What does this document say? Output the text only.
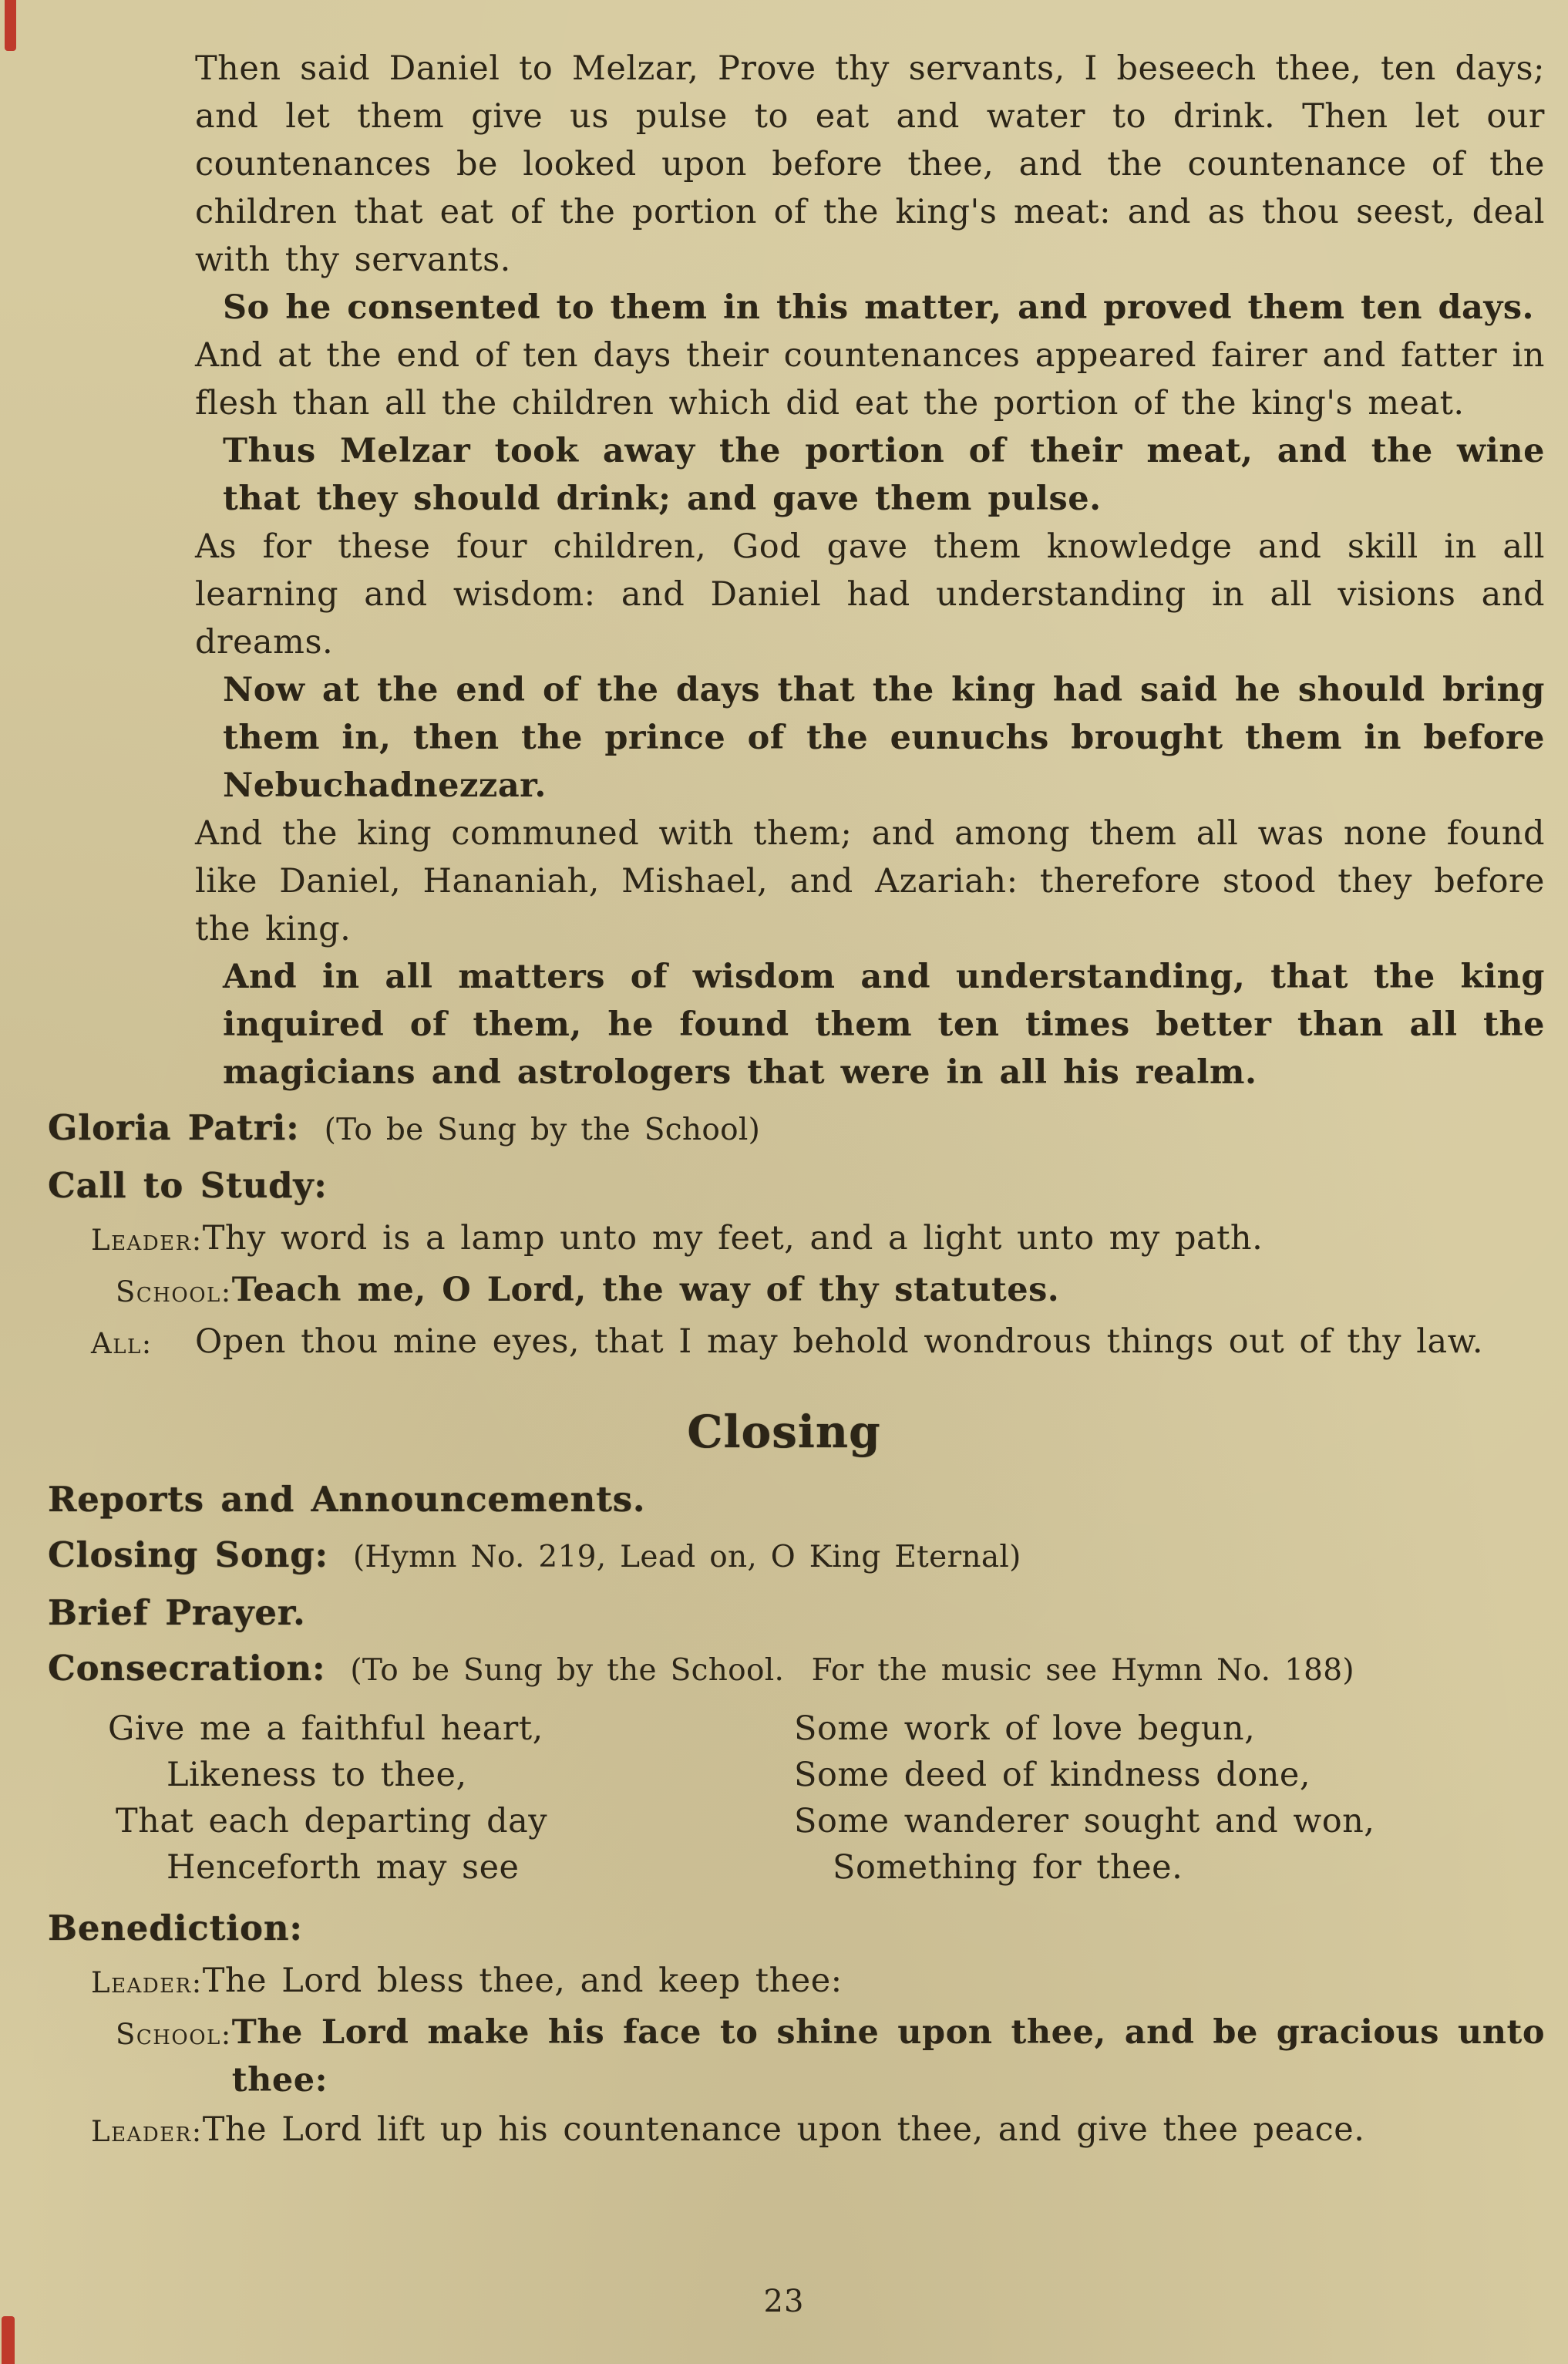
Then said Daniel to Melzar, Prove thy servants, I beseech thee, ten days; and let them give us pulse to eat and water to drink. Then let our countenances be looked upon before thee, and the countenance of the children that eat of the portion of the king's meat: and as thou seest, deal with thy servants.

So he consented to them in this matter, and proved them ten days.

And at the end of ten days their countenances appeared fairer and fatter in flesh than all the children which did eat the portion of the king's meat.

Thus Melzar took away the portion of their meat, and the wine that they should drink; and gave them pulse.

As for these four children, God gave them knowledge and skill in all learning and wisdom: and Daniel had understanding in all visions and dreams.

Now at the end of the days that the king had said he should bring them in, then the prince of the eunuchs brought them in before Nebuchadnezzar.

And the king communed with them; and among them all was none found like Daniel, Hananiah, Mishael, and Azariah: therefore stood they before the king.

And in all matters of wisdom and understanding, that the king inquired of them, he found them ten times better than all the magicians and astrologers that were in all his realm.

Gloria Patri: (To be Sung by the School)
Call to Study:
Leader: Thy word is a lamp unto my feet, and a light unto my path.
School: Teach me, O Lord, the way of thy statutes.
All:	Open thou mine eyes, that I may behold wondrous things out of thy law.
Closing
Reports and Announcements.
Closing Song: (Hymn No. 219, Lead on, O King Eternal)
Brief Prayer.
Consecration: (To be Sung by the School.  For the music see Hymn No. 188)
Give me a faithful heart,
Likeness to thee,
That each departing day
Henceforth may see
Some work of love begun,
Some deed of kindness done,
Some wanderer sought and won,
Something for thee.
Benediction:
Leader: The Lord bless thee, and keep thee:
School: The Lord make his face to shine upon thee, and be gracious unto thee:
Leader: The Lord lift up his countenance upon thee, and give thee peace.
23
